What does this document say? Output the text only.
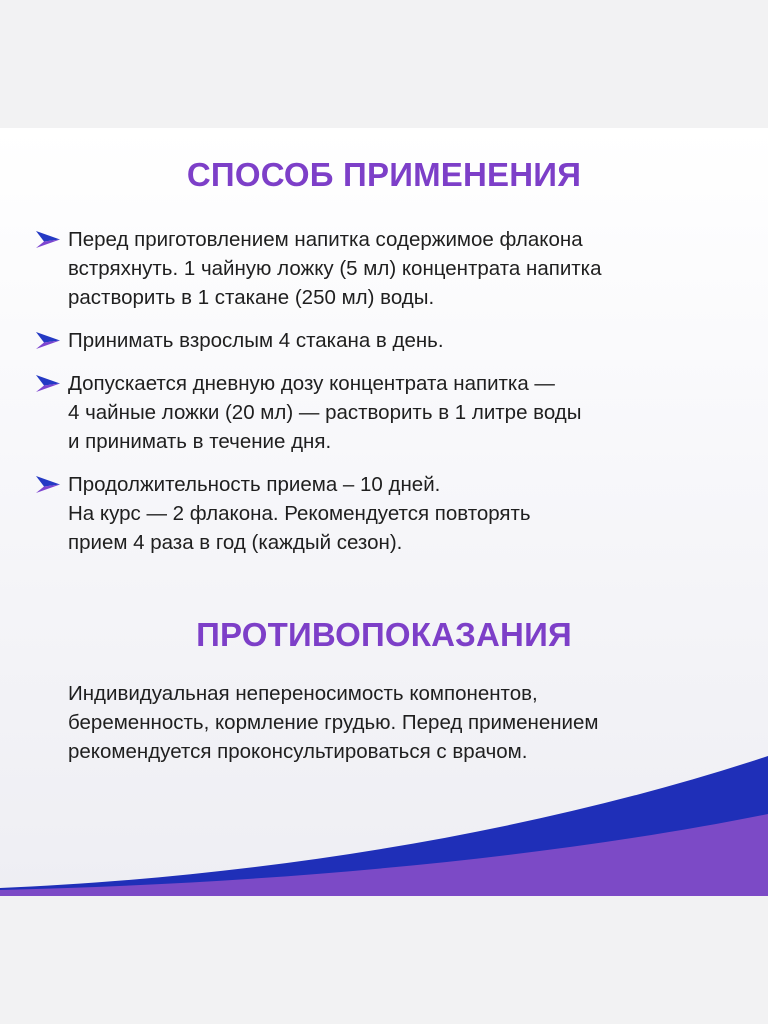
СПОСОБ ПРИМЕНЕНИЯ
Перед приготовлением напитка содержимое флакона
встряхнуть. 1 чайную ложку (5 мл) концентрата напитка
растворить в 1 стакане (250 мл) воды.
Принимать взрослым 4 стакана в день.
Допускается дневную дозу концентрата напитка —
4 чайные ложки (20 мл) — растворить в 1 литре воды
и принимать в течение дня.
Продолжительность приема – 10 дней.
На курс — 2 флакона. Рекомендуется повторять
прием 4 раза в год (каждый сезон).
ПРОТИВОПОКАЗАНИЯ

Индивидуальная непереносимость компонентов,
беременность, кормление грудью. Перед применением
рекомендуется проконсультироваться с врачом.
